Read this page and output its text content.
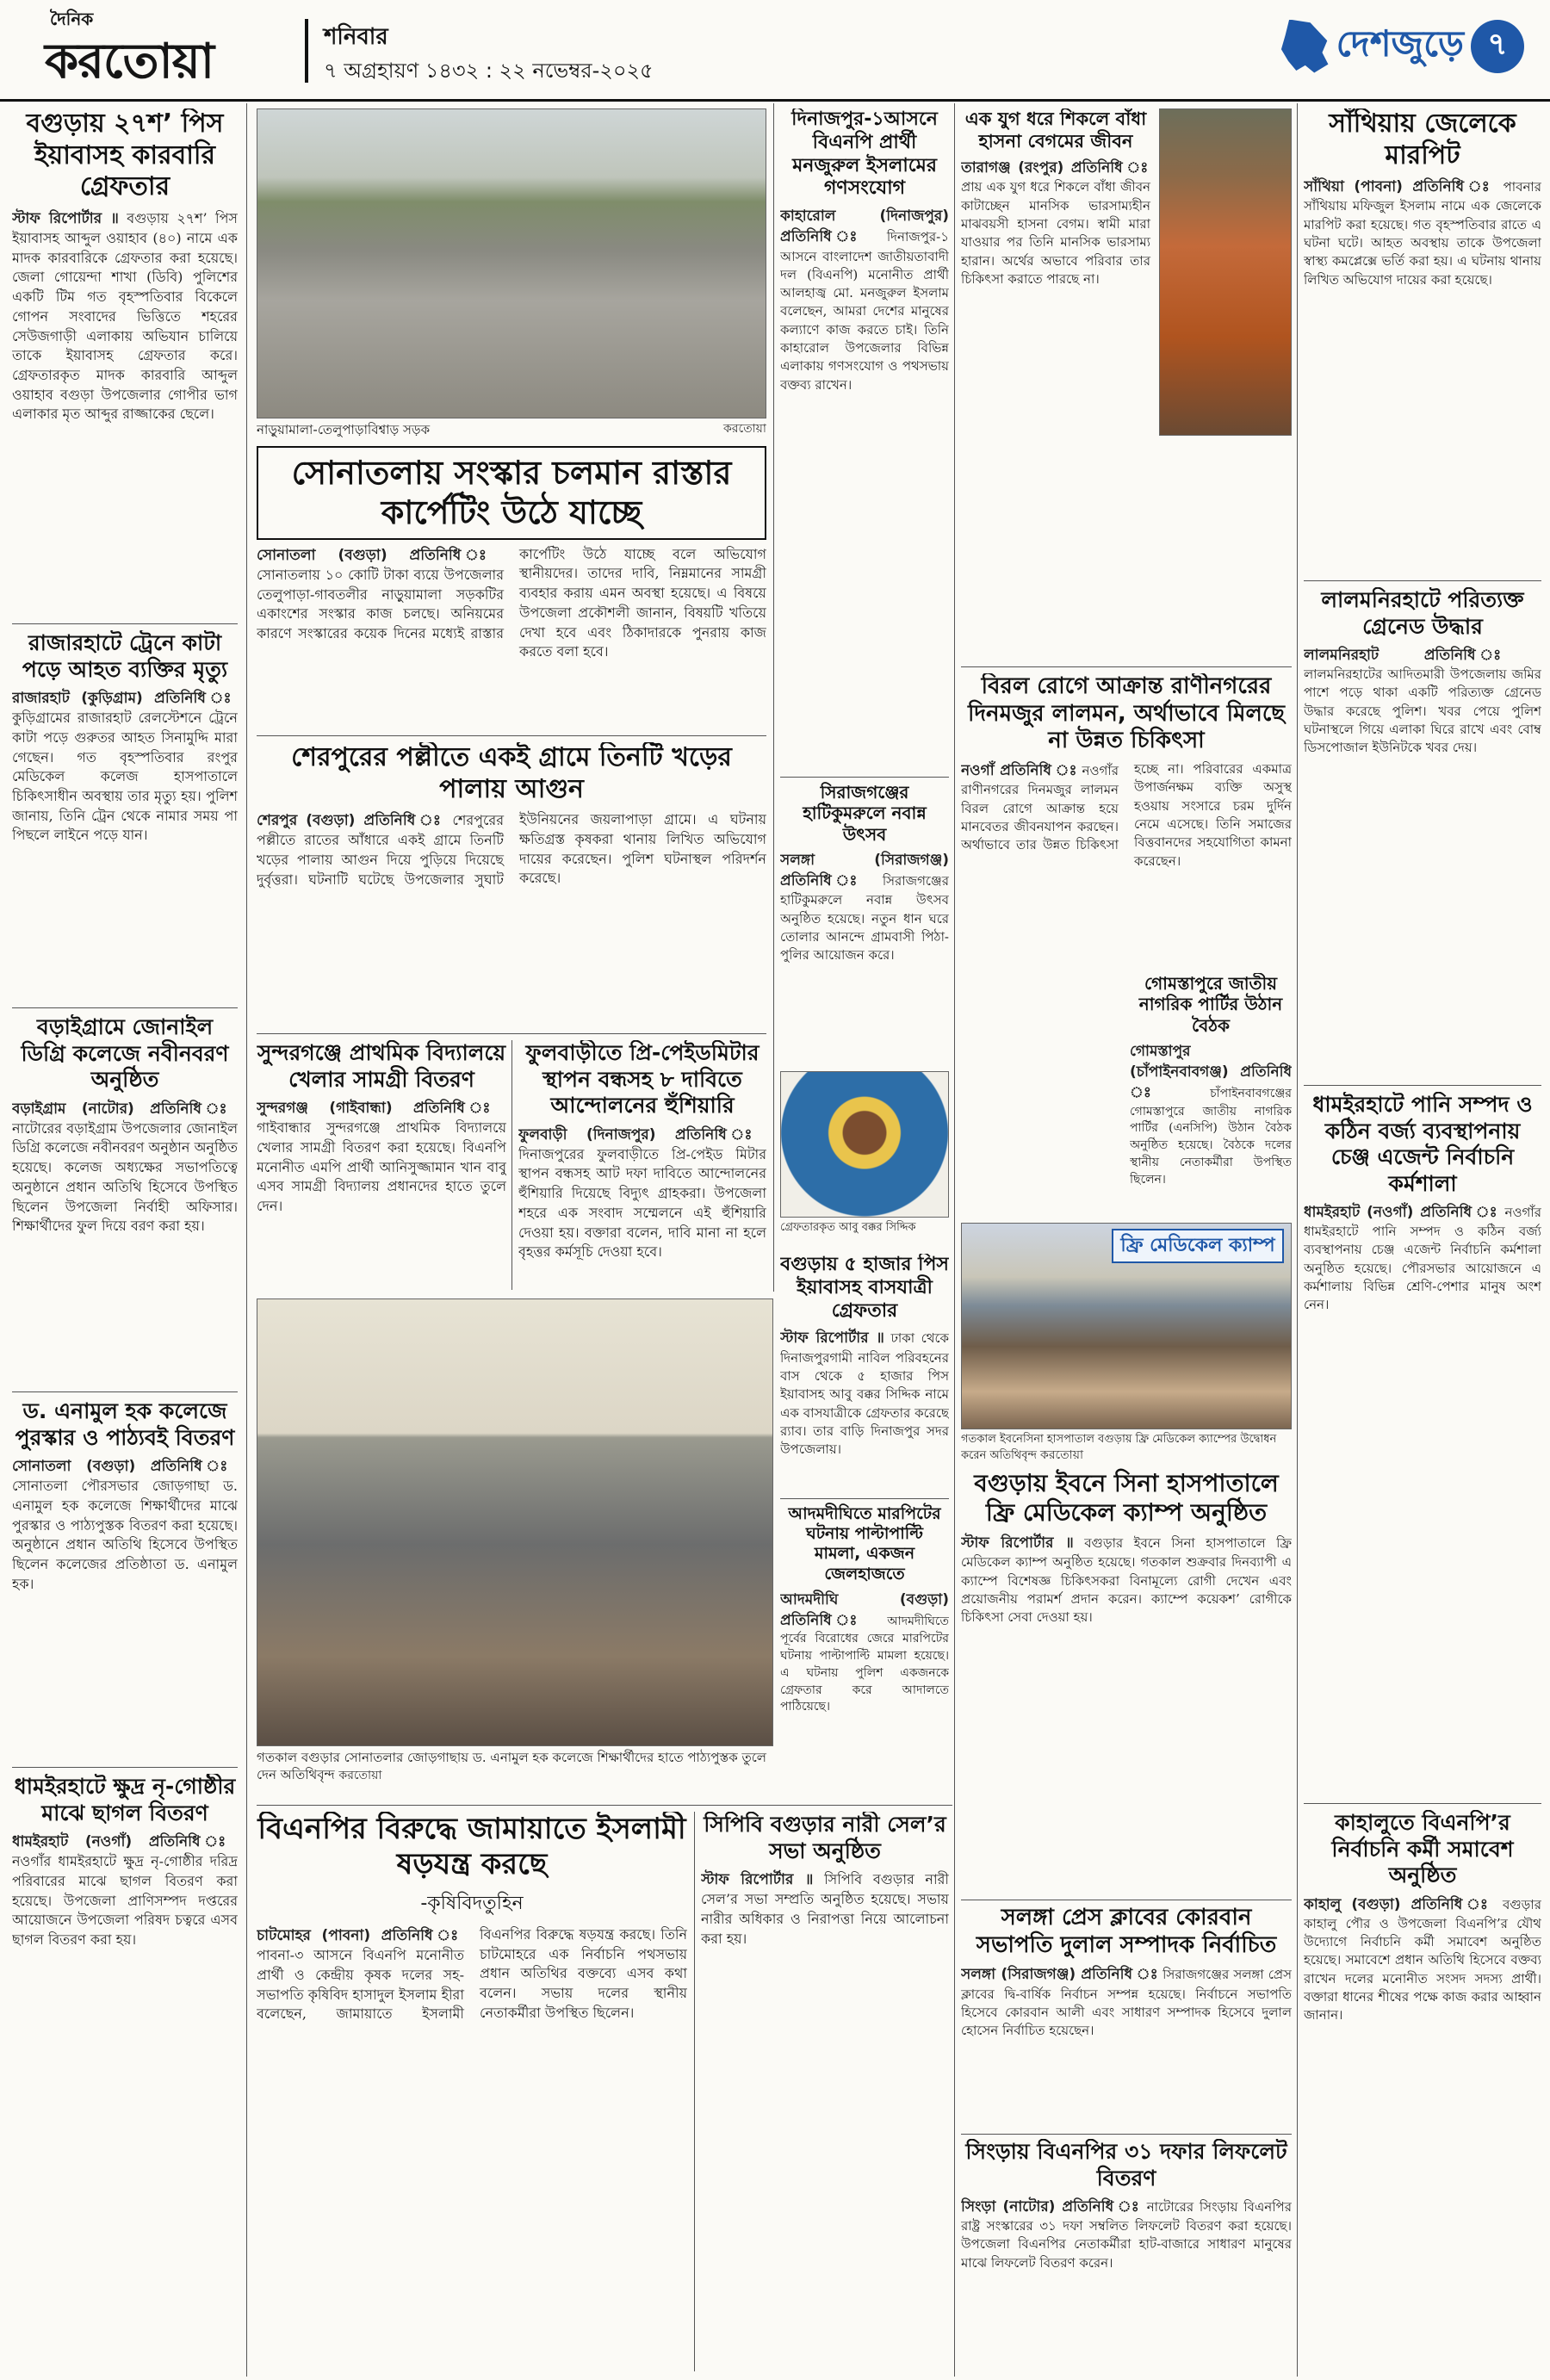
দৈনিক
করতোয়া	শনিবার
৭ অগ্রহায়ণ ১৪৩২ : ২২ নভেম্বর-২০২৫
দেশজুড়ে ৭
বগুড়ায় ২৭শ’ পিস ইয়াবাসহ কারবারি গ্রেফতার

স্টাফ রিপোর্টার ॥ বগুড়ায় ২৭শ’ পিস ইয়াবাসহ আব্দুল ওয়াহাব (৪০) নামে এক মাদক কারবারিকে গ্রেফতার করা হয়েছে। জেলা গোয়েন্দা শাখা (ডিবি) পুলিশের একটি টিম গত বৃহস্পতিবার বিকেলে গোপন সংবাদের ভিত্তিতে শহরের সেউজগাড়ী এলাকায় অভিযান চালিয়ে তাকে ইয়াবাসহ গ্রেফতার করে। গ্রেফতারকৃত মাদক কারবারি আব্দুল ওয়াহাব বগুড়া উপজেলার গোপীর ভাগ এলাকার মৃত আব্দুর রাজ্জাকের ছেলে।

রাজারহাটে ট্রেনে কাটা পড়ে আহত ব্যক্তির মৃত্যু

রাজারহাট (কুড়িগ্রাম) প্রতিনিধি ঃ কুড়িগ্রামের রাজারহাট রেলস্টেশনে ট্রেনে কাটা পড়ে গুরুতর আহত সিনামুদ্দি মারা গেছেন। গত বৃহস্পতিবার রংপুর মেডিকেল কলেজ হাসপাতালে চিকিৎসাধীন অবস্থায় তার মৃত্যু হয়। পুলিশ জানায়, তিনি ট্রেন থেকে নামার সময় পা পিছলে লাইনে পড়ে যান।

বড়াইগ্রামে জোনাইল ডিগ্রি কলেজে নবীনবরণ অনুষ্ঠিত

বড়াইগ্রাম (নাটোর) প্রতিনিধি ঃ নাটোরের বড়াইগ্রাম উপজেলার জোনাইল ডিগ্রি কলেজে নবীনবরণ অনুষ্ঠান অনুষ্ঠিত হয়েছে। কলেজ অধ্যক্ষের সভাপতিত্বে অনুষ্ঠানে প্রধান অতিথি হিসেবে উপস্থিত ছিলেন উপজেলা নির্বাহী অফিসার। শিক্ষার্থীদের ফুল দিয়ে বরণ করা হয়।

ড. এনামুল হক কলেজে পুরস্কার ও পাঠ্যবই বিতরণ

সোনাতলা (বগুড়া) প্রতিনিধি ঃ সোনাতলা পৌরসভার জোড়গাছা ড. এনামুল হক কলেজে শিক্ষার্থীদের মাঝে পুরস্কার ও পাঠ্যপুস্তক বিতরণ করা হয়েছে। অনুষ্ঠানে প্রধান অতিথি হিসেবে উপস্থিত ছিলেন কলেজের প্রতিষ্ঠাতা ড. এনামুল হক।

ধামইরহাটে ক্ষুদ্র নৃ-গোষ্ঠীর মাঝে ছাগল বিতরণ

ধামইরহাট (নওগাঁ) প্রতিনিধি ঃ নওগাঁর ধামইরহাটে ক্ষুদ্র নৃ-গোষ্ঠীর দরিদ্র পরিবারের মাঝে ছাগল বিতরণ করা হয়েছে। উপজেলা প্রাণিসম্পদ দপ্তরের আয়োজনে উপজেলা পরিষদ চত্বরে এসব ছাগল বিতরণ করা হয়।

নাড়ুয়ামালা-তেলুপাড়াবিশ্বাড় সড়ক	করতোয়া
সোনাতলায় সংস্কার চলমান রাস্তার কার্পেটিং উঠে যাচ্ছে

সোনাতলা (বগুড়া) প্রতিনিধি ঃ সোনাতলায় ১০ কোটি টাকা ব্যয়ে উপজেলার তেলুপাড়া-গাবতলীর নাড়ুয়ামালা সড়কটির একাংশের সংস্কার কাজ চলছে। অনিয়মের কারণে সংস্কারের কয়েক দিনের মধ্যেই রাস্তার কার্পেটিং উঠে যাচ্ছে বলে অভিযোগ স্থানীয়দের। তাদের দাবি, নিম্নমানের সামগ্রী ব্যবহার করায় এমন অবস্থা হয়েছে। এ বিষয়ে উপজেলা প্রকৌশলী জানান, বিষয়টি খতিয়ে দেখা হবে এবং ঠিকাদারকে পুনরায় কাজ করতে বলা হবে।

শেরপুরের পল্লীতে একই গ্রামে তিনটি খড়ের পালায় আগুন

শেরপুর (বগুড়া) প্রতিনিধি ঃ শেরপুরের পল্লীতে রাতের আঁধারে একই গ্রামে তিনটি খড়ের পালায় আগুন দিয়ে পুড়িয়ে দিয়েছে দুর্বৃত্তরা। ঘটনাটি ঘটেছে উপজেলার সুঘাট ইউনিয়নের জয়লাপাড়া গ্রামে। এ ঘটনায় ক্ষতিগ্রস্ত কৃষকরা থানায় লিখিত অভিযোগ দায়ের করেছেন। পুলিশ ঘটনাস্থল পরিদর্শন করেছে।

সুন্দরগঞ্জে প্রাথমিক বিদ্যালয়ে খেলার সামগ্রী বিতরণ

সুন্দরগঞ্জ (গাইবান্ধা) প্রতিনিধি ঃ গাইবান্ধার সুন্দরগঞ্জে প্রাথমিক বিদ্যালয়ে খেলার সামগ্রী বিতরণ করা হয়েছে। বিএনপি মনোনীত এমপি প্রার্থী আনিসুজ্জামান খান বাবু এসব সামগ্রী বিদ্যালয় প্রধানদের হাতে তুলে দেন।

ফুলবাড়ীতে প্রি-পেইডমিটার স্থাপন বন্ধসহ ৮ দাবিতে আন্দোলনের হুঁশিয়ারি

ফুলবাড়ী (দিনাজপুর) প্রতিনিধি ঃ দিনাজপুরের ফুলবাড়ীতে প্রি-পেইড মিটার স্থাপন বন্ধসহ আট দফা দাবিতে আন্দোলনের হুঁশিয়ারি দিয়েছে বিদ্যুৎ গ্রাহকরা। উপজেলা শহরে এক সংবাদ সম্মেলনে এই হুঁশিয়ারি দেওয়া হয়। বক্তারা বলেন, দাবি মানা না হলে বৃহত্তর কর্মসূচি দেওয়া হবে।

গতকাল বগুড়ার সোনাতলার জোড়গাছায় ড. এনামুল হক কলেজে শিক্ষার্থীদের হাতে পাঠ্যপুস্তক তুলে দেন অতিথিবৃন্দ করতোয়া
বিএনপির বিরুদ্ধে জামায়াতে ইসলামী ষড়যন্ত্র করছে
-কৃষিবিদতুহিন

চাটমোহর (পাবনা) প্রতিনিধি ঃ পাবনা-৩ আসনে বিএনপি মনোনীত প্রার্থী ও কেন্দ্রীয় কৃষক দলের সহ-সভাপতি কৃষিবিদ হাসাদুল ইসলাম হীরা বলেছেন, জামায়াতে ইসলামী বিএনপির বিরুদ্ধে ষড়যন্ত্র করছে। তিনি চাটমোহরে এক নির্বাচনি পথসভায় প্রধান অতিথির বক্তব্যে এসব কথা বলেন। সভায় দলের স্থানীয় নেতাকর্মীরা উপস্থিত ছিলেন।

দিনাজপুর-১আসনে বিএনপি প্রার্থী মনজুরুল ইসলামের গণসংযোগ

কাহারোল (দিনাজপুর) প্রতিনিধি ঃ দিনাজপুর-১ আসনে বাংলাদেশ জাতীয়তাবাদী দল (বিএনপি) মনোনীত প্রার্থী আলহাজ্ব মো. মনজুরুল ইসলাম বলেছেন, আমরা দেশের মানুষের কল্যাণে কাজ করতে চাই। তিনি কাহারোল উপজেলার বিভিন্ন এলাকায় গণসংযোগ ও পথসভায় বক্তব্য রাখেন।

সিরাজগঞ্জের হাটিকুমরুলে নবান্ন উৎসব

সলঙ্গা (সিরাজগঞ্জ) প্রতিনিধি ঃ সিরাজগঞ্জের হাটিকুমরুলে নবান্ন উৎসব অনুষ্ঠিত হয়েছে। নতুন ধান ঘরে তোলার আনন্দে গ্রামবাসী পিঠা-পুলির আয়োজন করে।

গ্রেফতারকৃত আবু বক্কর সিদ্দিক
বগুড়ায় ৫ হাজার পিস ইয়াবাসহ বাসযাত্রী গ্রেফতার

স্টাফ রিপোর্টার ॥ ঢাকা থেকে দিনাজপুরগামী নাবিল পরিবহনের বাস থেকে ৫ হাজার পিস ইয়াবাসহ আবু বক্কর সিদ্দিক নামে এক বাসযাত্রীকে গ্রেফতার করেছে র‍্যাব। তার বাড়ি দিনাজপুর সদর উপজেলায়।

সিপিবি বগুড়ার নারী সেল’র সভা অনুষ্ঠিত

স্টাফ রিপোর্টার ॥ সিপিবি বগুড়ার নারী সেল’র সভা সম্প্রতি অনুষ্ঠিত হয়েছে। সভায় নারীর অধিকার ও নিরাপত্তা নিয়ে আলোচনা করা হয়।

এক যুগ ধরে শিকলে বাঁধা হাসনা বেগমের জীবন

তারাগঞ্জ (রংপুর) প্রতিনিধি ঃ প্রায় এক যুগ ধরে শিকলে বাঁধা জীবন কাটাচ্ছেন মানসিক ভারসাম্যহীন মাঝবয়সী হাসনা বেগম। স্বামী মারা যাওয়ার পর তিনি মানসিক ভারসাম্য হারান। অর্থের অভাবে পরিবার তার চিকিৎসা করাতে পারছে না।

বিরল রোগে আক্রান্ত রাণীনগরের দিনমজুর লালমন, অর্থাভাবে মিলছে না উন্নত চিকিৎসা

নওগাঁ প্রতিনিধি ঃ নওগাঁর রাণীনগরের দিনমজুর লালমন বিরল রোগে আক্রান্ত হয়ে মানবেতর জীবনযাপন করছেন। অর্থাভাবে তার উন্নত চিকিৎসা হচ্ছে না। পরিবারের একমাত্র উপার্জনক্ষম ব্যক্তি অসুস্থ হওয়ায় সংসারে চরম দুর্দিন নেমে এসেছে। তিনি সমাজের বিত্তবানদের সহযোগিতা কামনা করেছেন।

গোমস্তাপুরে জাতীয় নাগরিক পার্টির উঠান বৈঠক

গোমস্তাপুর (চাঁপাইনবাবগঞ্জ) প্রতিনিধি ঃ	চাঁপাইনবাবগঞ্জের গোমস্তাপুরে জাতীয় নাগরিক পার্টির (এনসিপি) উঠান বৈঠক অনুষ্ঠিত হয়েছে। বৈঠকে দলের স্থানীয় নেতাকর্মীরা উপস্থিত ছিলেন।

ফ্রি মেডিকেল ক্যাম্প
গতকাল ইবনেসিনা হাসপাতাল বগুড়ায় ফ্রি মেডিকেল ক্যাম্পের উদ্বোধন করেন অতিথিবৃন্দ করতোয়া
বগুড়ায় ইবনে সিনা হাসপাতালে ফ্রি মেডিকেল ক্যাম্প অনুষ্ঠিত

স্টাফ রিপোর্টার ॥ বগুড়ার ইবনে সিনা হাসপাতালে ফ্রি মেডিকেল ক্যাম্প অনুষ্ঠিত হয়েছে। গতকাল শুক্রবার দিনব্যাপী এ ক্যাম্পে বিশেষজ্ঞ চিকিৎসকরা বিনামূল্যে রোগী দেখেন এবং প্রয়োজনীয় পরামর্শ প্রদান করেন। ক্যাম্পে কয়েকশ’ রোগীকে চিকিৎসা সেবা দেওয়া হয়।

সলঙ্গা প্রেস ক্লাবের কোরবান সভাপতি দুলাল সম্পাদক নির্বাচিত

সলঙ্গা (সিরাজগঞ্জ) প্রতিনিধি ঃ সিরাজগঞ্জের সলঙ্গা প্রেস ক্লাবের দ্বি-বার্ষিক নির্বাচন সম্পন্ন হয়েছে। নির্বাচনে সভাপতি হিসেবে কোরবান আলী এবং সাধারণ সম্পাদক হিসেবে দুলাল হোসেন নির্বাচিত হয়েছেন।

সিংড়ায় বিএনপির ৩১ দফার লিফলেট বিতরণ

সিংড়া (নাটোর) প্রতিনিধি ঃ নাটোরের সিংড়ায় বিএনপির রাষ্ট্র সংস্কারের ৩১ দফা সম্বলিত লিফলেট বিতরণ করা হয়েছে। উপজেলা বিএনপির নেতাকর্মীরা হাট-বাজারে সাধারণ মানুষের মাঝে লিফলেট বিতরণ করেন।

সাঁথিয়ায় জেলেকে মারপিট

সাঁথিয়া (পাবনা) প্রতিনিধি ঃ পাবনার সাঁথিয়ায় মফিজুল ইসলাম নামে এক জেলেকে মারপিট করা হয়েছে। গত বৃহস্পতিবার রাতে এ ঘটনা ঘটে। আহত অবস্থায় তাকে উপজেলা স্বাস্থ্য কমপ্লেক্সে ভর্তি করা হয়। এ ঘটনায় থানায় লিখিত অভিযোগ দায়ের করা হয়েছে।

লালমনিরহাটে পরিত্যক্ত গ্রেনেড উদ্ধার

লালমনিরহাট প্রতিনিধি ঃ লালমনিরহাটের আদিতমারী উপজেলায় জমির পাশে পড়ে থাকা একটি পরিত্যক্ত গ্রেনেড উদ্ধার করেছে পুলিশ। খবর পেয়ে পুলিশ ঘটনাস্থলে গিয়ে এলাকা ঘিরে রাখে এবং বোম্ব ডিসপোজাল ইউনিটকে খবর দেয়।

ধামইরহাটে পানি সম্পদ ও কঠিন বর্জ্য ব্যবস্থাপনায় চেঞ্জ এজেন্ট নির্বাচনি কর্মশালা

ধামইরহাট (নওগাঁ) প্রতিনিধি ঃ নওগাঁর ধামইরহাটে পানি সম্পদ ও কঠিন বর্জ্য ব্যবস্থাপনায় চেঞ্জ এজেন্ট নির্বাচনি কর্মশালা অনুষ্ঠিত হয়েছে। পৌরসভার আয়োজনে এ কর্মশালায় বিভিন্ন শ্রেণি-পেশার মানুষ অংশ নেন।

কাহালুতে বিএনপি’র নির্বাচনি কর্মী সমাবেশ অনুষ্ঠিত

কাহালু (বগুড়া) প্রতিনিধি ঃ বগুড়ার কাহালু পৌর ও উপজেলা বিএনপি’র যৌথ উদ্যোগে নির্বাচনি কর্মী সমাবেশ অনুষ্ঠিত হয়েছে। সমাবেশে প্রধান অতিথি হিসেবে বক্তব্য রাখেন দলের মনোনীত সংসদ সদস্য প্রার্থী। বক্তারা ধানের শীষের পক্ষে কাজ করার আহ্বান জানান।

আদমদীঘিতে মারপিটের ঘটনায় পাল্টাপাল্টি মামলা, একজন জেলহাজতে

আদমদীঘি (বগুড়া) প্রতিনিধি ঃ আদমদীঘিতে পূর্বের বিরোধের জেরে মারপিটের ঘটনায় পাল্টাপাল্টি মামলা হয়েছে। এ ঘটনায় পুলিশ একজনকে গ্রেফতার করে আদালতে পাঠিয়েছে।
